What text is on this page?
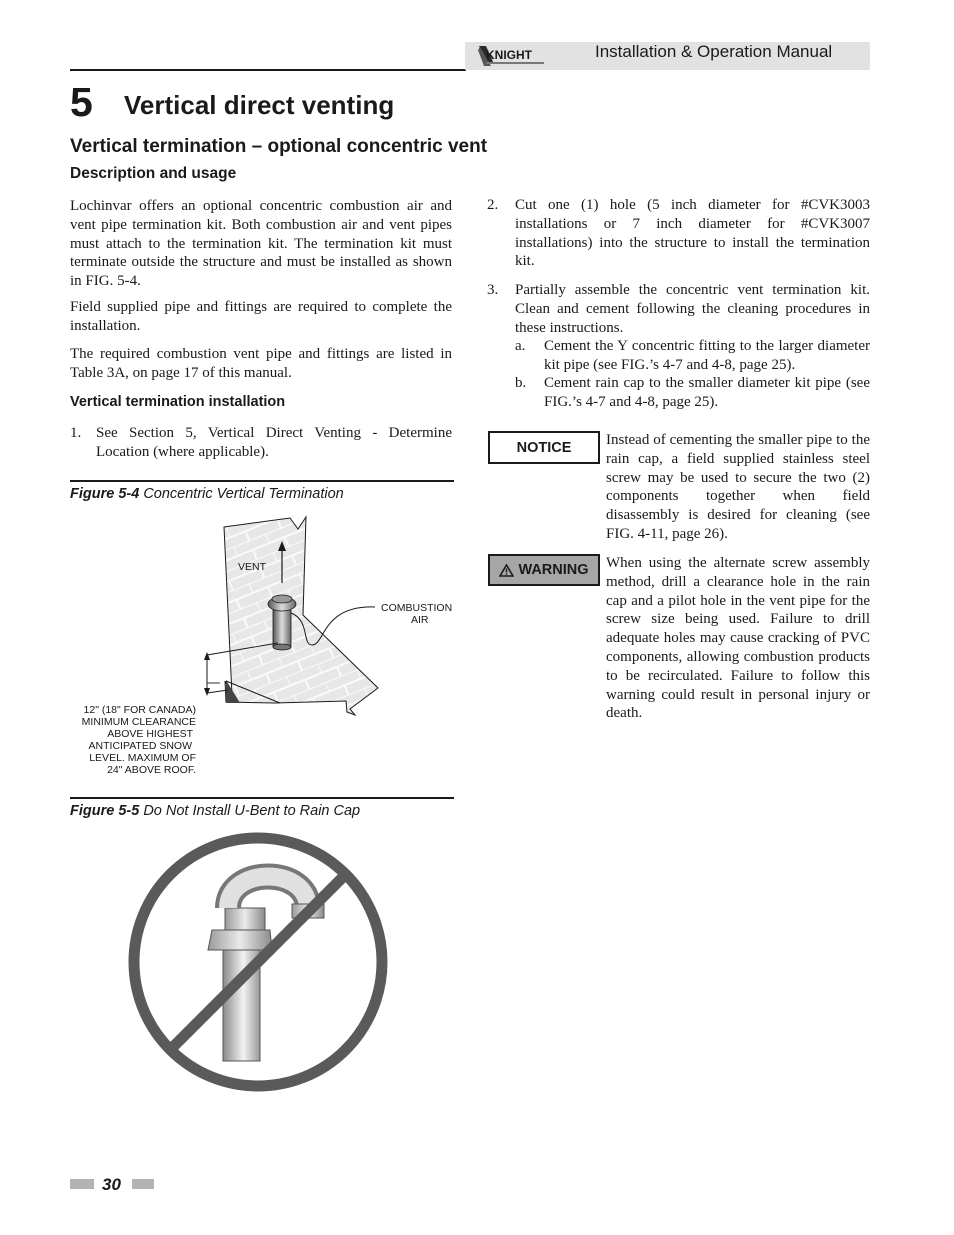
KNIGHT	Installation & Operation Manual
5 Vertical direct venting
Vertical termination – optional concentric vent
Description and usage
Lochinvar offers an optional concentric combustion air and vent pipe termination kit. Both combustion air and vent pipes must attach to the termination kit. The termination kit must terminate outside the structure and must be installed as shown in FIG. 5-4.
Field supplied pipe and fittings are required to complete the installation.
The required combustion vent pipe and fittings are listed in Table 3A, on page 17 of this manual.
Vertical termination installation
1. See Section 5, Vertical Direct Venting - Determine Location (where applicable).
Figure 5-4 Concentric Vertical Termination
VENT
COMBUSTION
AIR
12" (18" FOR CANADA)
MINIMUM CLEARANCE
ABOVE HIGHEST
ANTICIPATED SNOW
LEVEL. MAXIMUM OF
24" ABOVE ROOF.
Figure 5-5 Do Not Install U-Bent to Rain Cap
2. Cut one (1) hole (5 inch diameter for #CVK3003 installations or 7 inch diameter for #CVK3007 installations) into the structure to install the termination kit.
3. Partially assemble the concentric vent termination kit. Clean and cement following the cleaning procedures in these instructions.
a. Cement the Y concentric fitting to the larger diameter kit pipe (see FIG.’s 4-7 and 4-8, page 25).
b. Cement rain cap to the smaller diameter kit pipe (see FIG.’s 4-7 and 4-8, page 25).
NOTICE Instead of cementing the smaller pipe to the rain cap, a field supplied stainless steel screw may be used to secure the two (2) components together when field disassembly is desired for cleaning (see FIG. 4-11, page 26).
WARNING When using the alternate screw assembly method, drill a clearance hole in the rain cap and a pilot hole in the vent pipe for the screw size being used. Failure to drill adequate holes may cause cracking of PVC components, allowing combustion products to be recirculated. Failure to follow this warning could result in personal injury or death.
30
